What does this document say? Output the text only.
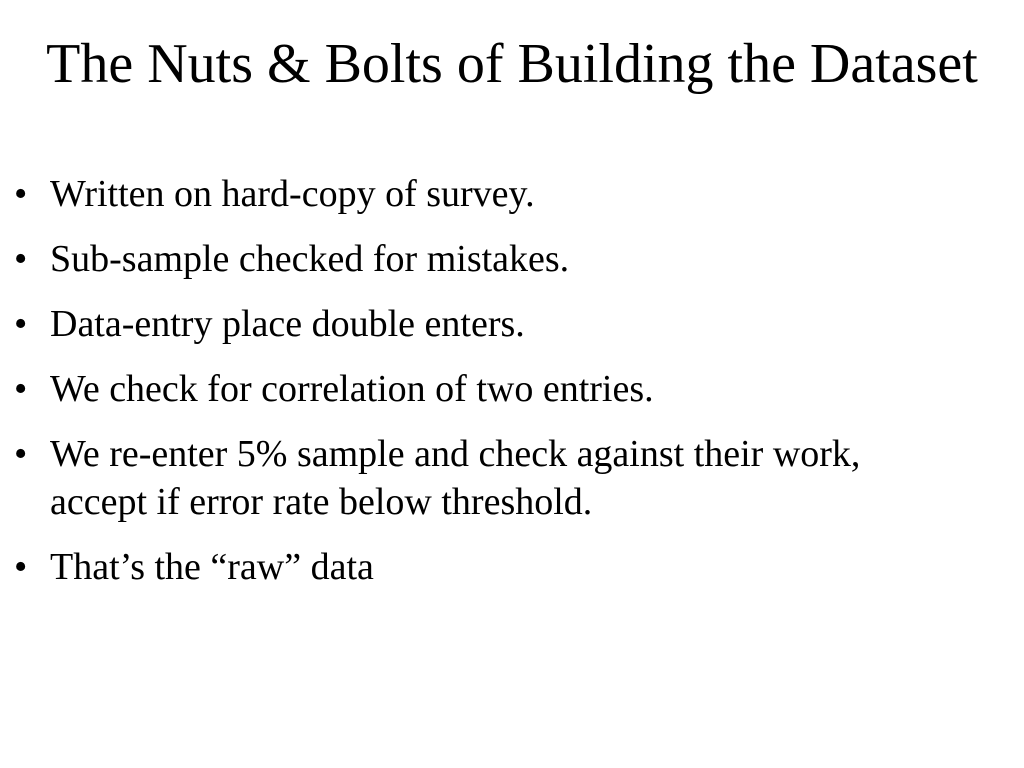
The Nuts & Bolts of Building the Dataset
• Written on hard-copy of survey.
• Sub-sample checked for mistakes.
• Data-entry place double enters.
• We check for correlation of two entries.
• We re-enter 5% sample and check against their work, accept if error rate below threshold.
• That’s the “raw” data
